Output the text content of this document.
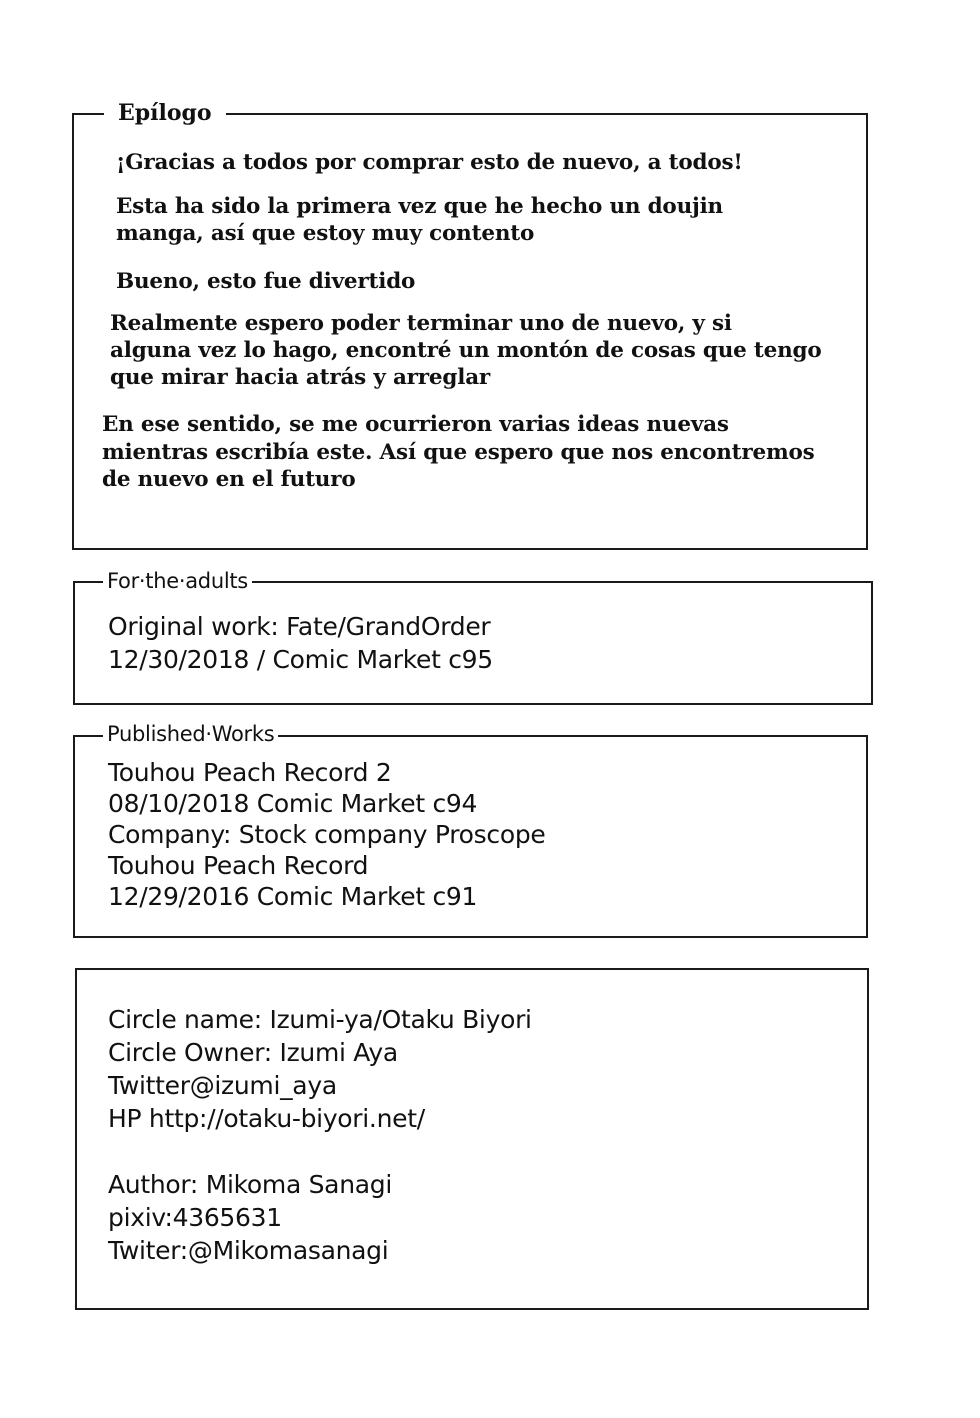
Epílogo
¡Gracias a todos por comprar esto de nuevo, a todos!
Esta ha sido la primera vez que he hecho un doujin
manga, así que estoy muy contento
Bueno, esto fue divertido
Realmente espero poder terminar uno de nuevo, y si
alguna vez lo hago, encontré un montón de cosas que tengo
que mirar hacia atrás y arreglar
En ese sentido, se me ocurrieron varias ideas nuevas
mientras escribía este. Así que espero que nos encontremos
de nuevo en el futuro
For·the·adults
Original work: Fate/GrandOrder
12/30/2018 / Comic Market c95
Published·Works
Touhou Peach Record 2
08/10/2018 Comic Market c94
Company: Stock company Proscope
Touhou Peach Record
12/29/2016 Comic Market c91
Circle name: Izumi-ya/Otaku Biyori
Circle Owner: Izumi Aya
Twitter@izumi_aya
HP http://otaku-biyori.net/
Author: Mikoma Sanagi
pixiv:4365631
Twiter:@Mikomasanagi
